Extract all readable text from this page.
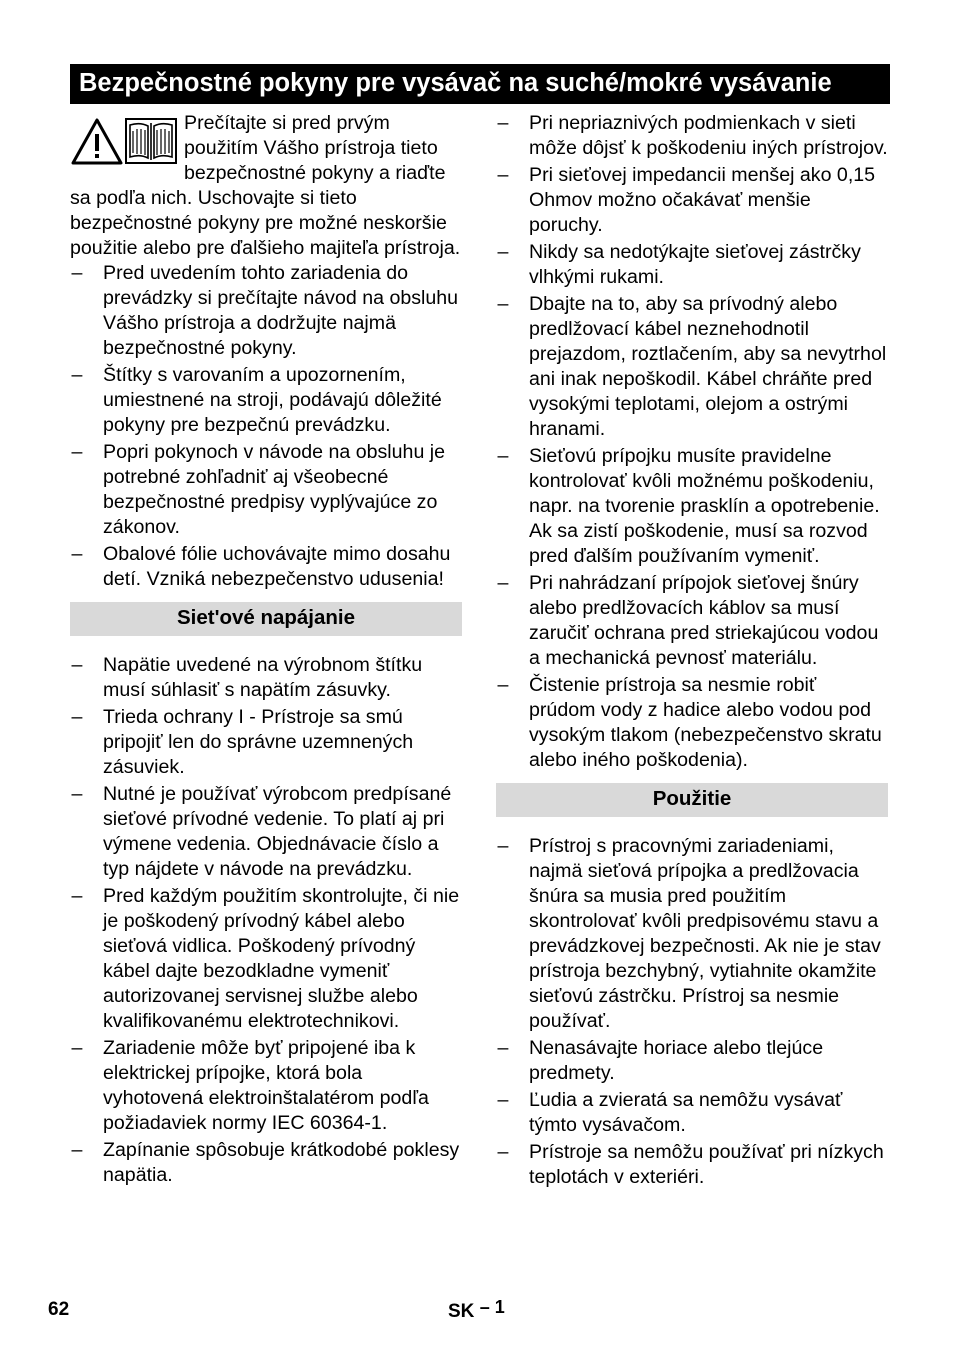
Bezpečnostné pokyny pre vysávač na suché/mokré vysávanie

Prečítajte si pred prvým použitím Vášho prístroja tieto bezpečnostné pokyny a riaďte sa podľa nich. Uschovajte si tieto bezpečnostné pokyny pre možné neskoršie použitie alebo pre ďalšieho majiteľa prístroja.

– Pred uvedením tohto zariadenia do prevádzky si prečítajte návod na obsluhu Vášho prístroja a dodržujte najmä bezpečnostné pokyny.
– Štítky s varovaním a upozornením, umiestnené na stroji, podávajú dôležité pokyny pre bezpečnú prevádzku.
– Popri pokynoch v návode na obsluhu je potrebné zohľadniť aj všeobecné bezpečnostné predpisy vyplývajúce zo zákonov.
– Obalové fólie uchovávajte mimo dosahu detí. Vzniká nebezpečenstvo udusenia!
Siet'ové napájanie
– Napätie uvedené na výrobnom štítku musí súhlasiť s napätím zásuvky.
– Trieda ochrany I - Prístroje sa smú pripojiť len do správne uzemnených zásuviek.
– Nutné je používať výrobcom predpísané sieťové prívodné vedenie. To platí aj pri výmene vedenia. Objednávacie číslo a typ nájdete v návode na prevádzku.
– Pred každým použitím skontrolujte, či nie je poškodený prívodný kábel alebo sieťová vidlica. Poškodený prívodný kábel dajte bezodkladne vymeniť autorizovanej servisnej službe alebo kvalifikovanému elektrotechnikovi.
– Zariadenie môže byť pripojené iba k elektrickej prípojke, ktorá bola vyhotovená elektroinštalatérom podľa požiadaviek normy IEC 60364-1.
– Zapínanie spôsobuje krátkodobé poklesy napätia.
– Pri nepriaznivých podmienkach v sieti môže dôjsť k poškodeniu iných prístrojov.
– Pri sieťovej impedancii menšej ako 0,15 Ohmov možno očakávať menšie poruchy.
– Nikdy sa nedotýkajte sieťovej zástrčky vlhkými rukami.
– Dbajte na to, aby sa prívodný alebo predlžovací kábel neznehodnotil prejazdom, roztlačením, aby sa nevytrhol ani inak nepoškodil. Kábel chráňte pred vysokými teplotami, olejom a ostrými hranami.
– Sieťovú prípojku musíte pravidelne kontrolovať kvôli možnému poškodeniu, napr. na tvorenie prasklín a opotrebenie. Ak sa zistí poškodenie, musí sa rozvod pred ďalším používaním vymeniť.
– Pri nahrádzaní prípojok sieťovej šnúry alebo predlžovacích káblov sa musí zaručiť ochrana pred striekajúcou vodou a mechanická pevnosť materiálu.
– Čistenie prístroja sa nesmie robiť prúdom vody z hadice alebo vodou pod vysokým tlakom (nebezpečenstvo skratu alebo iného poškodenia).
Použitie
– Prístroj s pracovnými zariadeniami, najmä sieťová prípojka a predlžovacia šnúra sa musia pred použitím skontrolovať kvôli predpisovému stavu a prevádzkovej bezpečnosti. Ak nie je stav prístroja bezchybný, vytiahnite okamžite sieťovú zástrčku. Prístroj sa nesmie používať.
– Nenasávajte horiace alebo tlejúce predmety.
– Ľudia a zvieratá sa nemôžu vysávať týmto vysávačom.
– Prístroje sa nemôžu používať pri nízkych teplotách v exteriéri.
62	SK – 1
